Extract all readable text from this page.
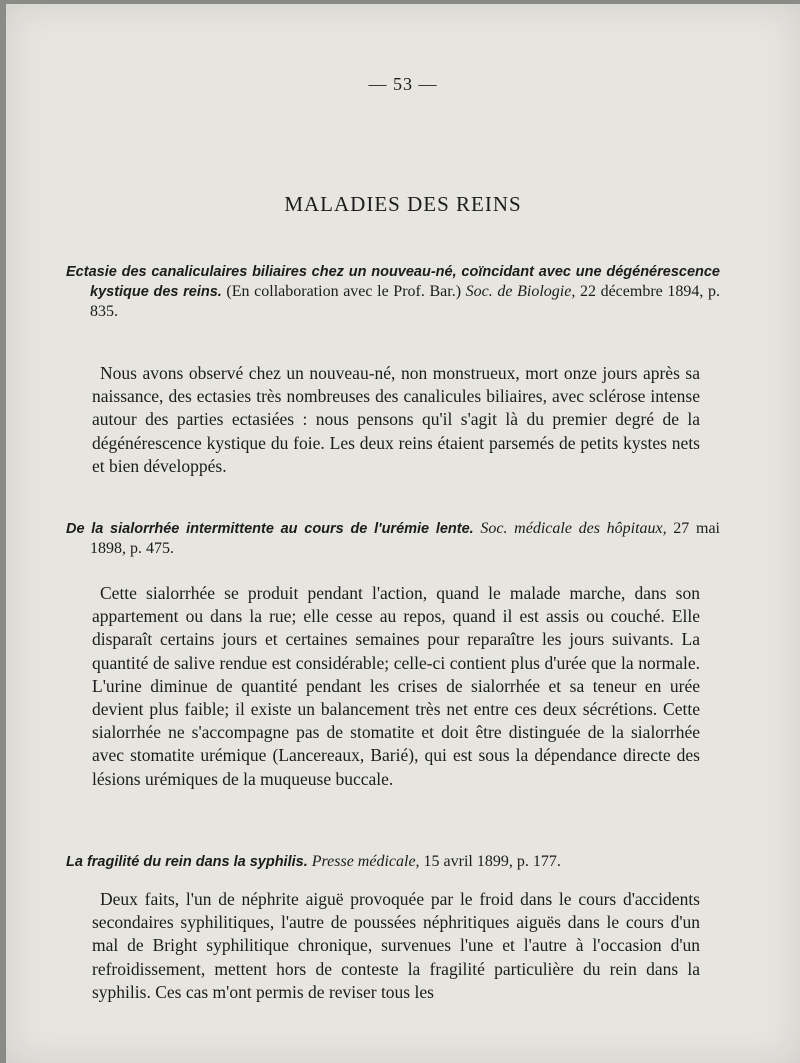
— 53 —
MALADIES DES REINS
Ectasie des canaliculaires biliaires chez un nouveau-né, coïncidant avec une dégénérescence kystique des reins. (En collaboration avec le Prof. Bar.) Soc. de Biologie, 22 décembre 1894, p. 835.

Nous avons observé chez un nouveau-né, non monstrueux, mort onze jours après sa naissance, des ectasies très nombreuses des canalicules biliaires, avec sclérose intense autour des parties ectasiées : nous pensons qu'il s'agit là du premier degré de la dégénérescence kystique du foie. Les deux reins étaient parsemés de petits kystes nets et bien développés.

De la sialorrhée intermittente au cours de l'urémie lente. Soc. médicale des hôpitaux, 27 mai 1898, p. 475.

Cette sialorrhée se produit pendant l'action, quand le malade marche, dans son appartement ou dans la rue; elle cesse au repos, quand il est assis ou couché. Elle disparaît certains jours et certaines semaines pour reparaître les jours suivants. La quantité de salive rendue est considérable; celle-ci contient plus d'urée que la normale. L'urine diminue de quantité pendant les crises de sialorrhée et sa teneur en urée devient plus faible; il existe un balancement très net entre ces deux sécrétions. Cette sialorrhée ne s'accompagne pas de stomatite et doit être distinguée de la sialorrhée avec stomatite urémique (Lancereaux, Barié), qui est sous la dépendance directe des lésions urémiques de la muqueuse buccale.

La fragilité du rein dans la syphilis. Presse médicale, 15 avril 1899, p. 177.

Deux faits, l'un de néphrite aiguë provoquée par le froid dans le cours d'accidents secondaires syphilitiques, l'autre de poussées néphritiques aiguës dans le cours d'un mal de Bright syphilitique chronique, survenues l'une et l'autre à l'occasion d'un refroidissement, mettent hors de conteste la fragilité particulière du rein dans la syphilis. Ces cas m'ont permis de reviser tous les
